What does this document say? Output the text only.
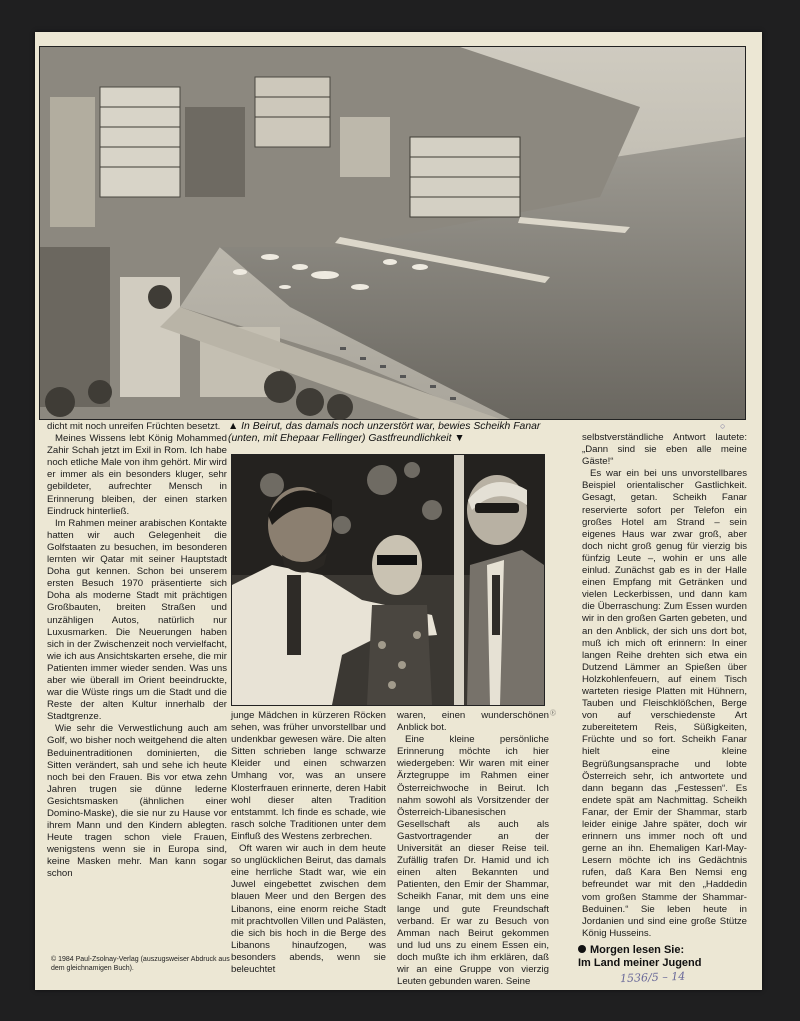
▲ In Beirut, das damals noch unzerstört war, bewies Scheikh Fanar
(unten, mit Ehepaar Fellinger) Gastfreundlichkeit ▼
○
Ⓔ

dicht mit noch unreifen Früchten besetzt.

Meines Wissens lebt König Mohammed Zahir Schah jetzt im Exil in Rom. Ich habe noch etliche Male von ihm gehört. Mir wird er immer als ein besonders kluger, sehr gebildeter, aufrechter Mensch in Erinnerung bleiben, der einen starken Eindruck hinterließ.

Im Rahmen meiner arabischen Kontakte hatten wir auch Gelegenheit die Golfstaaten zu besuchen, im besonderen lernten wir Qatar mit seiner Hauptstadt Doha gut kennen. Schon bei unserem ersten Besuch 1970 präsentierte sich Doha als moderne Stadt mit prächtigen Großbauten, breiten Straßen und unzähligen Autos, natürlich nur Luxusmarken. Die Neuerungen haben sich in der Zwischenzeit noch vervielfacht, wie ich aus Ansichtskarten ersehe, die mir Patienten immer wieder senden. Was uns aber wie überall im Orient beeindruckte, war die Wüste rings um die Stadt und die Reste der alten Kultur innerhalb der Stadtgrenze.

Wie sehr die Verwestlichung auch am Golf, wo bisher noch weitgehend die alten Beduinentraditionen dominierten, die Sitten verändert, sah und sehe ich heute noch bei den Frauen. Bis vor etwa zehn Jahren trugen sie dünne lederne Gesichtsmasken (ähnlichen einer Domino-Maske), die sie nur zu Hause vor ihrem Mann und den Kindern ablegten. Heute tragen schon viele Frauen, wenigstens wenn sie in Europa sind, keine Masken mehr. Man kann sogar schon

junge Mädchen in kürzeren Röcken sehen, was früher unvorstellbar und undenkbar gewesen wäre. Die alten Sitten schrieben lange schwarze Kleider und einen schwarzen Umhang vor, was an unsere Klosterfrauen erinnerte, deren Habit wohl dieser alten Tradition entstammt. Ich finde es schade, wie rasch solche Traditionen unter dem Einfluß des Westens zerbrechen.

Oft waren wir auch in dem heute so unglücklichen Beirut, das damals eine herrliche Stadt war, wie ein Juwel eingebettet zwischen dem blauen Meer und den Bergen des Libanons, eine enorm reiche Stadt mit prachtvollen Villen und Palästen, die sich bis hoch in die Berge des Libanons hinaufzogen, was besonders abends, wenn sie beleuchtet

waren, einen wunderschönen Anblick bot.

Eine kleine persönliche Erinnerung möchte ich hier wiedergeben: Wir waren mit einer Ärztegruppe im Rahmen einer Österreichwoche in Beirut. Ich nahm sowohl als Vorsitzender der Österreich-Libanesischen Gesellschaft als auch als Gastvortragender an der Universität an dieser Reise teil. Zufällig trafen Dr. Hamid und ich einen alten Bekannten und Patienten, den Emir der Shammar, Scheikh Fanar, mit dem uns eine lange und gute Freundschaft verband. Er war zu Besuch von Amman nach Beirut gekommen und lud uns zu einem Essen ein, doch mußte ich ihm erklären, daß wir an eine Gruppe von vierzig Leuten gebunden waren. Seine

selbstverständliche Antwort lautete: „Dann sind sie eben alle meine Gäste!“

Es war ein bei uns unvorstellbares Beispiel orientalischer Gastlichkeit. Gesagt, getan. Scheikh Fanar reservierte sofort per Telefon ein großes Hotel am Strand – sein eigenes Haus war zwar groß, aber doch nicht groß genug für vierzig bis fünfzig Leute –, wohin er uns alle einlud. Zunächst gab es in der Halle einen Empfang mit Getränken und vielen Leckerbissen, und dann kam die Überraschung: Zum Essen wurden wir in den großen Garten gebeten, und an den Anblick, der sich uns dort bot, muß ich mich oft erinnern: In einer langen Reihe drehten sich etwa ein Dutzend Lämmer an Spießen über Holzkohlenfeuern, auf einem Tisch warteten riesige Platten mit Hühnern, Tauben und Fleischklößchen, Berge von auf verschiedenste Art zubereitetem Reis, Süßigkeiten, Früchte und so fort. Scheikh Fanar hielt eine kleine Begrüßungsansprache und lobte Österreich sehr, ich antwortete und dann begann das „Festessen“. Es endete spät am Nachmittag. Scheikh Fanar, der Emir der Shammar, starb leider einige Jahre später, doch wir erinnern uns immer noch oft und gerne an ihn. Ehemaligen Karl-May-Lesern möchte ich ins Gedächtnis rufen, daß Kara Ben Nemsi eng befreundet war mit den „Haddedin vom großen Stamme der Shammar-Beduinen.“ Sie leben heute in Jordanien und sind eine große Stütze König Husseins.

© 1984 Paul-Zsolnay-Verlag (auszugsweiser Abdruck aus dem gleichnamigen Buch).
Morgen lesen Sie:
Im Land meiner Jugend
1536/5 – 14
